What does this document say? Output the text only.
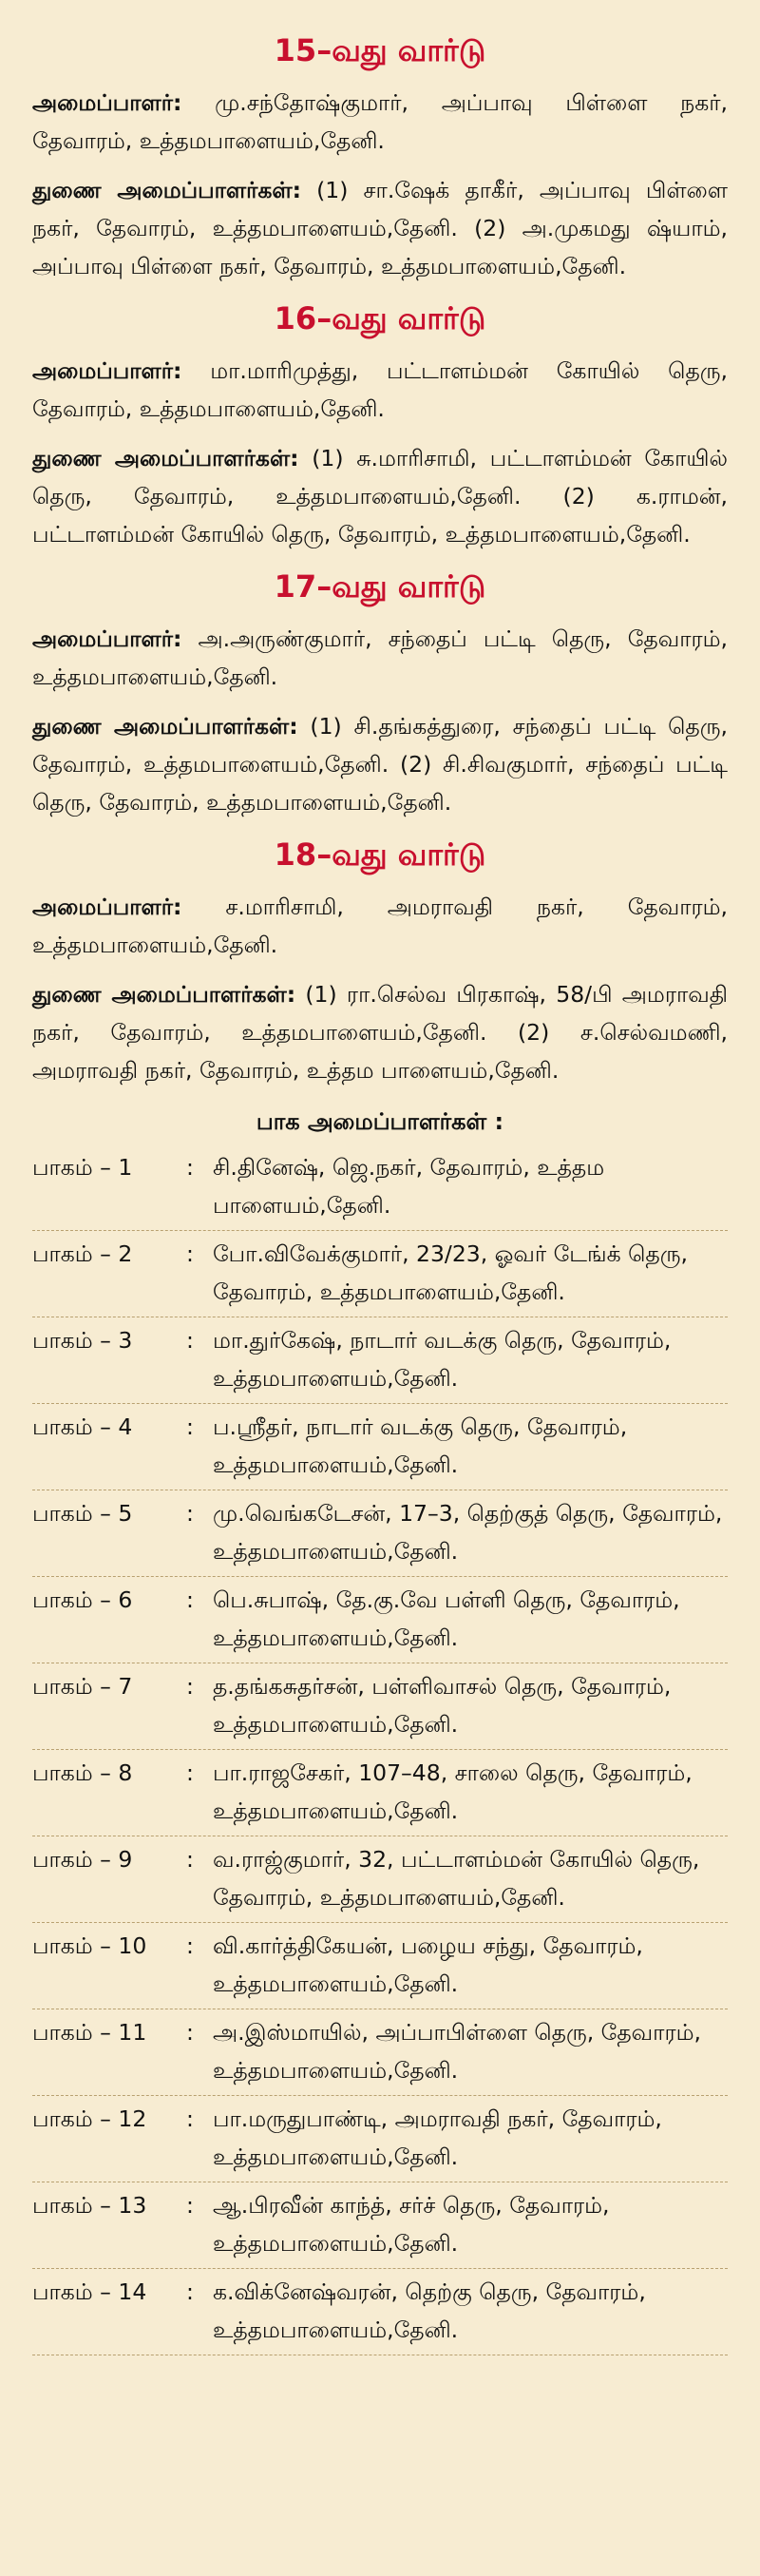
15–வது வார்டு

அமைப்பாளர்: மு.சந்தோஷ்குமார், அப்பாவு பிள்ளை நகர், தேவாரம், உத்தமபாளையம்,தேனி.

துணை அமைப்பாளர்கள்: (1) சா.ஷேக் தாகீர், அப்பாவு பிள்ளை நகர், தேவாரம், உத்தமபாளையம்,தேனி. (2) அ.முகமது ஷ்யாம், அப்பாவு பிள்ளை நகர், தேவாரம், உத்தமபாளையம்,தேனி.

16–வது வார்டு

அமைப்பாளர்: மா.மாரிமுத்து, பட்டாளம்மன் கோயில் தெரு, தேவாரம், உத்தமபாளையம்,தேனி.

துணை அமைப்பாளர்கள்: (1) சு.மாரிசாமி, பட்டாளம்மன் கோயில் தெரு, தேவாரம், உத்தமபாளையம்,தேனி. (2) க.ராமன், பட்டாளம்மன் கோயில் தெரு, தேவாரம், உத்தமபாளையம்,தேனி.

17–வது வார்டு

அமைப்பாளர்: அ.அருண்குமார், சந்தைப் பட்டி தெரு, தேவாரம், உத்தமபாளையம்,தேனி.

துணை அமைப்பாளர்கள்: (1) சி.தங்கத்துரை, சந்தைப் பட்டி தெரு, தேவாரம், உத்தமபாளையம்,தேனி. (2) சி.சிவகுமார், சந்தைப் பட்டி தெரு, தேவாரம், உத்தமபாளையம்,தேனி.

18–வது வார்டு

அமைப்பாளர்: ச.மாரிசாமி, அமராவதி நகர், தேவாரம், உத்தமபாளையம்,தேனி.

துணை அமைப்பாளர்கள்: (1) ரா.செல்வ பிரகாஷ், 58/பி அமராவதி நகர், தேவாரம், உத்தமபாளையம்,தேனி. (2) ச.செல்வமணி, அமராவதி நகர், தேவாரம், உத்தம பாளையம்,தேனி.

பாக அமைப்பாளர்கள் :
பாகம் – 1	: சி.தினேஷ், ஜெ.நகர், தேவாரம், உத்தம பாளையம்,தேனி.
பாகம் – 2	: போ.விவேக்குமார், 23/23, ஓவர் டேங்க் தெரு, தேவாரம், உத்தமபாளையம்,தேனி.
பாகம் – 3	: மா.துர்கேஷ், நாடார் வடக்கு தெரு, தேவாரம், உத்தமபாளையம்,தேனி.
பாகம் – 4	: ப.ஸ்ரீதர், நாடார் வடக்கு தெரு, தேவாரம், உத்தமபாளையம்,தேனி.
பாகம் – 5	: மு.வெங்கடேசன், 17–3, தெற்குத் தெரு, தேவாரம், உத்தமபாளையம்,தேனி.
பாகம் – 6	: பெ.சுபாஷ், தே.கு.வே பள்ளி தெரு, தேவாரம், உத்தமபாளையம்,தேனி.
பாகம் – 7	: த.தங்கசுதர்சன், பள்ளிவாசல் தெரு, தேவாரம், உத்தமபாளையம்,தேனி.
பாகம் – 8	: பா.ராஜசேகர், 107–48, சாலை தெரு, தேவாரம், உத்தமபாளையம்,தேனி.
பாகம் – 9	: வ.ராஜ்குமார், 32, பட்டாளம்மன் கோயில் தெரு, தேவாரம், உத்தமபாளையம்,தேனி.
பாகம் – 10	: வி.கார்த்திகேயன், பழைய சந்து, தேவாரம், உத்தமபாளையம்,தேனி.
பாகம் – 11	: அ.இஸ்மாயில், அப்பாபிள்ளை தெரு, தேவாரம், உத்தமபாளையம்,தேனி.
பாகம் – 12	: பா.மருதுபாண்டி, அமராவதி நகர், தேவாரம், உத்தமபாளையம்,தேனி.
பாகம் – 13	: ஆ.பிரவீன் காந்த், சர்ச் தெரு, தேவாரம், உத்தமபாளையம்,தேனி.
பாகம் – 14	: க.விக்னேஷ்வரன், தெற்கு தெரு, தேவாரம், உத்தமபாளையம்,தேனி.
